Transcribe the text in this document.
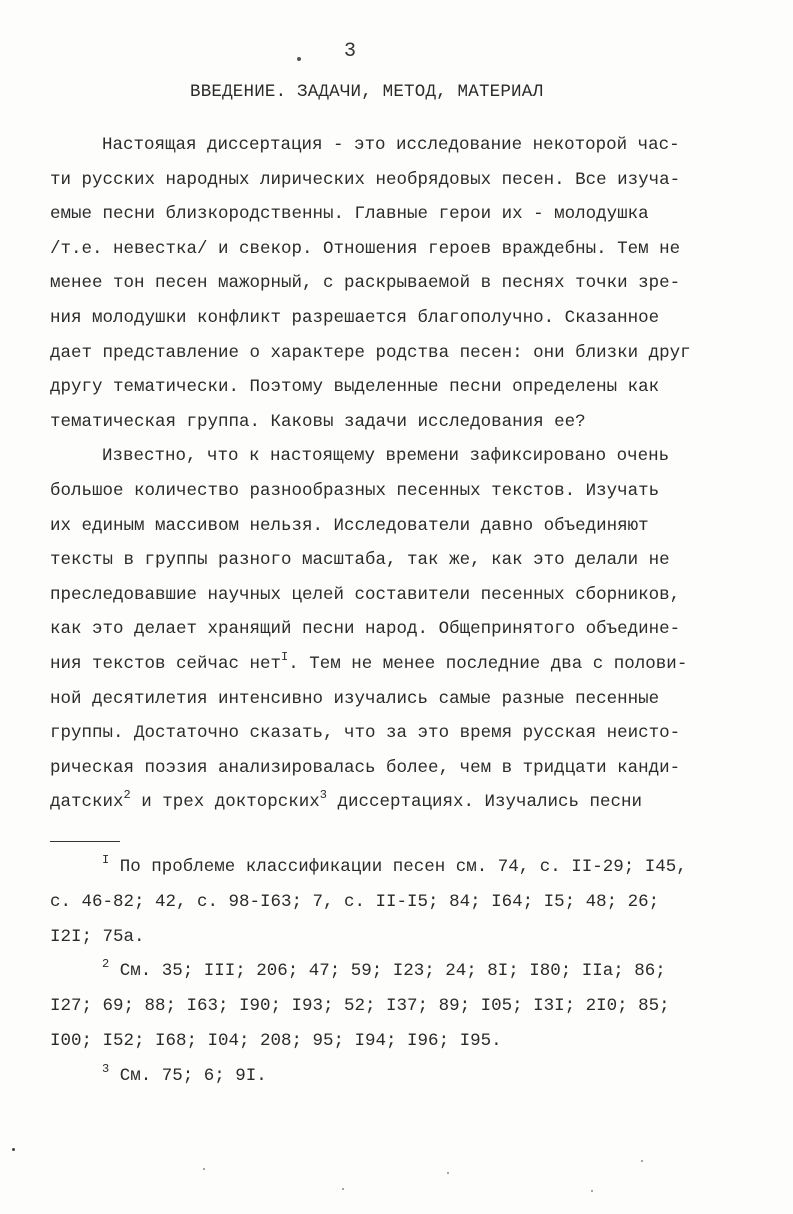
3
ВВЕДЕНИЕ. ЗАДАЧИ, МЕТОД, МАТЕРИАЛ
Настоящая диссертация - это исследование некоторой час-
ти русских народных лирических необрядовых песен. Все изуча-
емые песни близкородственны. Главные герои их - молодушка
/т.е. невестка/ и свекор. Отношения героев враждебны. Тем не
менее тон песен мажорный, с раскрываемой в песнях точки зре-
ния молодушки конфликт разрешается благополучно. Сказанное
дает представление о характере родства песен: они близки друг
другу тематически. Поэтому выделенные песни определены как
тематическая группа. Каковы задачи исследования ее?
Известно, что к настоящему времени зафиксировано очень
большое количество разнообразных песенных текстов. Изучать
их единым массивом нельзя. Исследователи давно объединяют
тексты в группы разного масштаба, так же, как это делали не
преследовавшие научных целей составители песенных сборников,
как это делает хранящий песни народ. Общепринятого объедине-
ния текстов сейчас нет$^I$. Тем не менее последние два с полови-
ной десятилетия интенсивно изучались самые разные песенные
группы. Достаточно сказать, что за это время русская неисто-
рическая поэзия анализировалась более, чем в тридцати канди-
датских$^2$ и трех докторских$^3$ диссертациях. Изучались песни
$^I$ По проблеме классификации песен см. 74, с. II-29; I45,
с. 46-82; 42, с. 98-I63; 7, с. II-I5; 84; I64; I5; 48; 26;
I2I; 75а.
$^2$ См. 35; III; 206; 47; 59; I23; 24; 8I; I80; IIа; 86;
I27; 69; 88; I63; I90; I93; 52; I37; 89; I05; I3I; 2I0; 85;
I00; I52; I68; I04; 208; 95; I94; I96; I95.
$^3$ См. 75; 6; 9I.
